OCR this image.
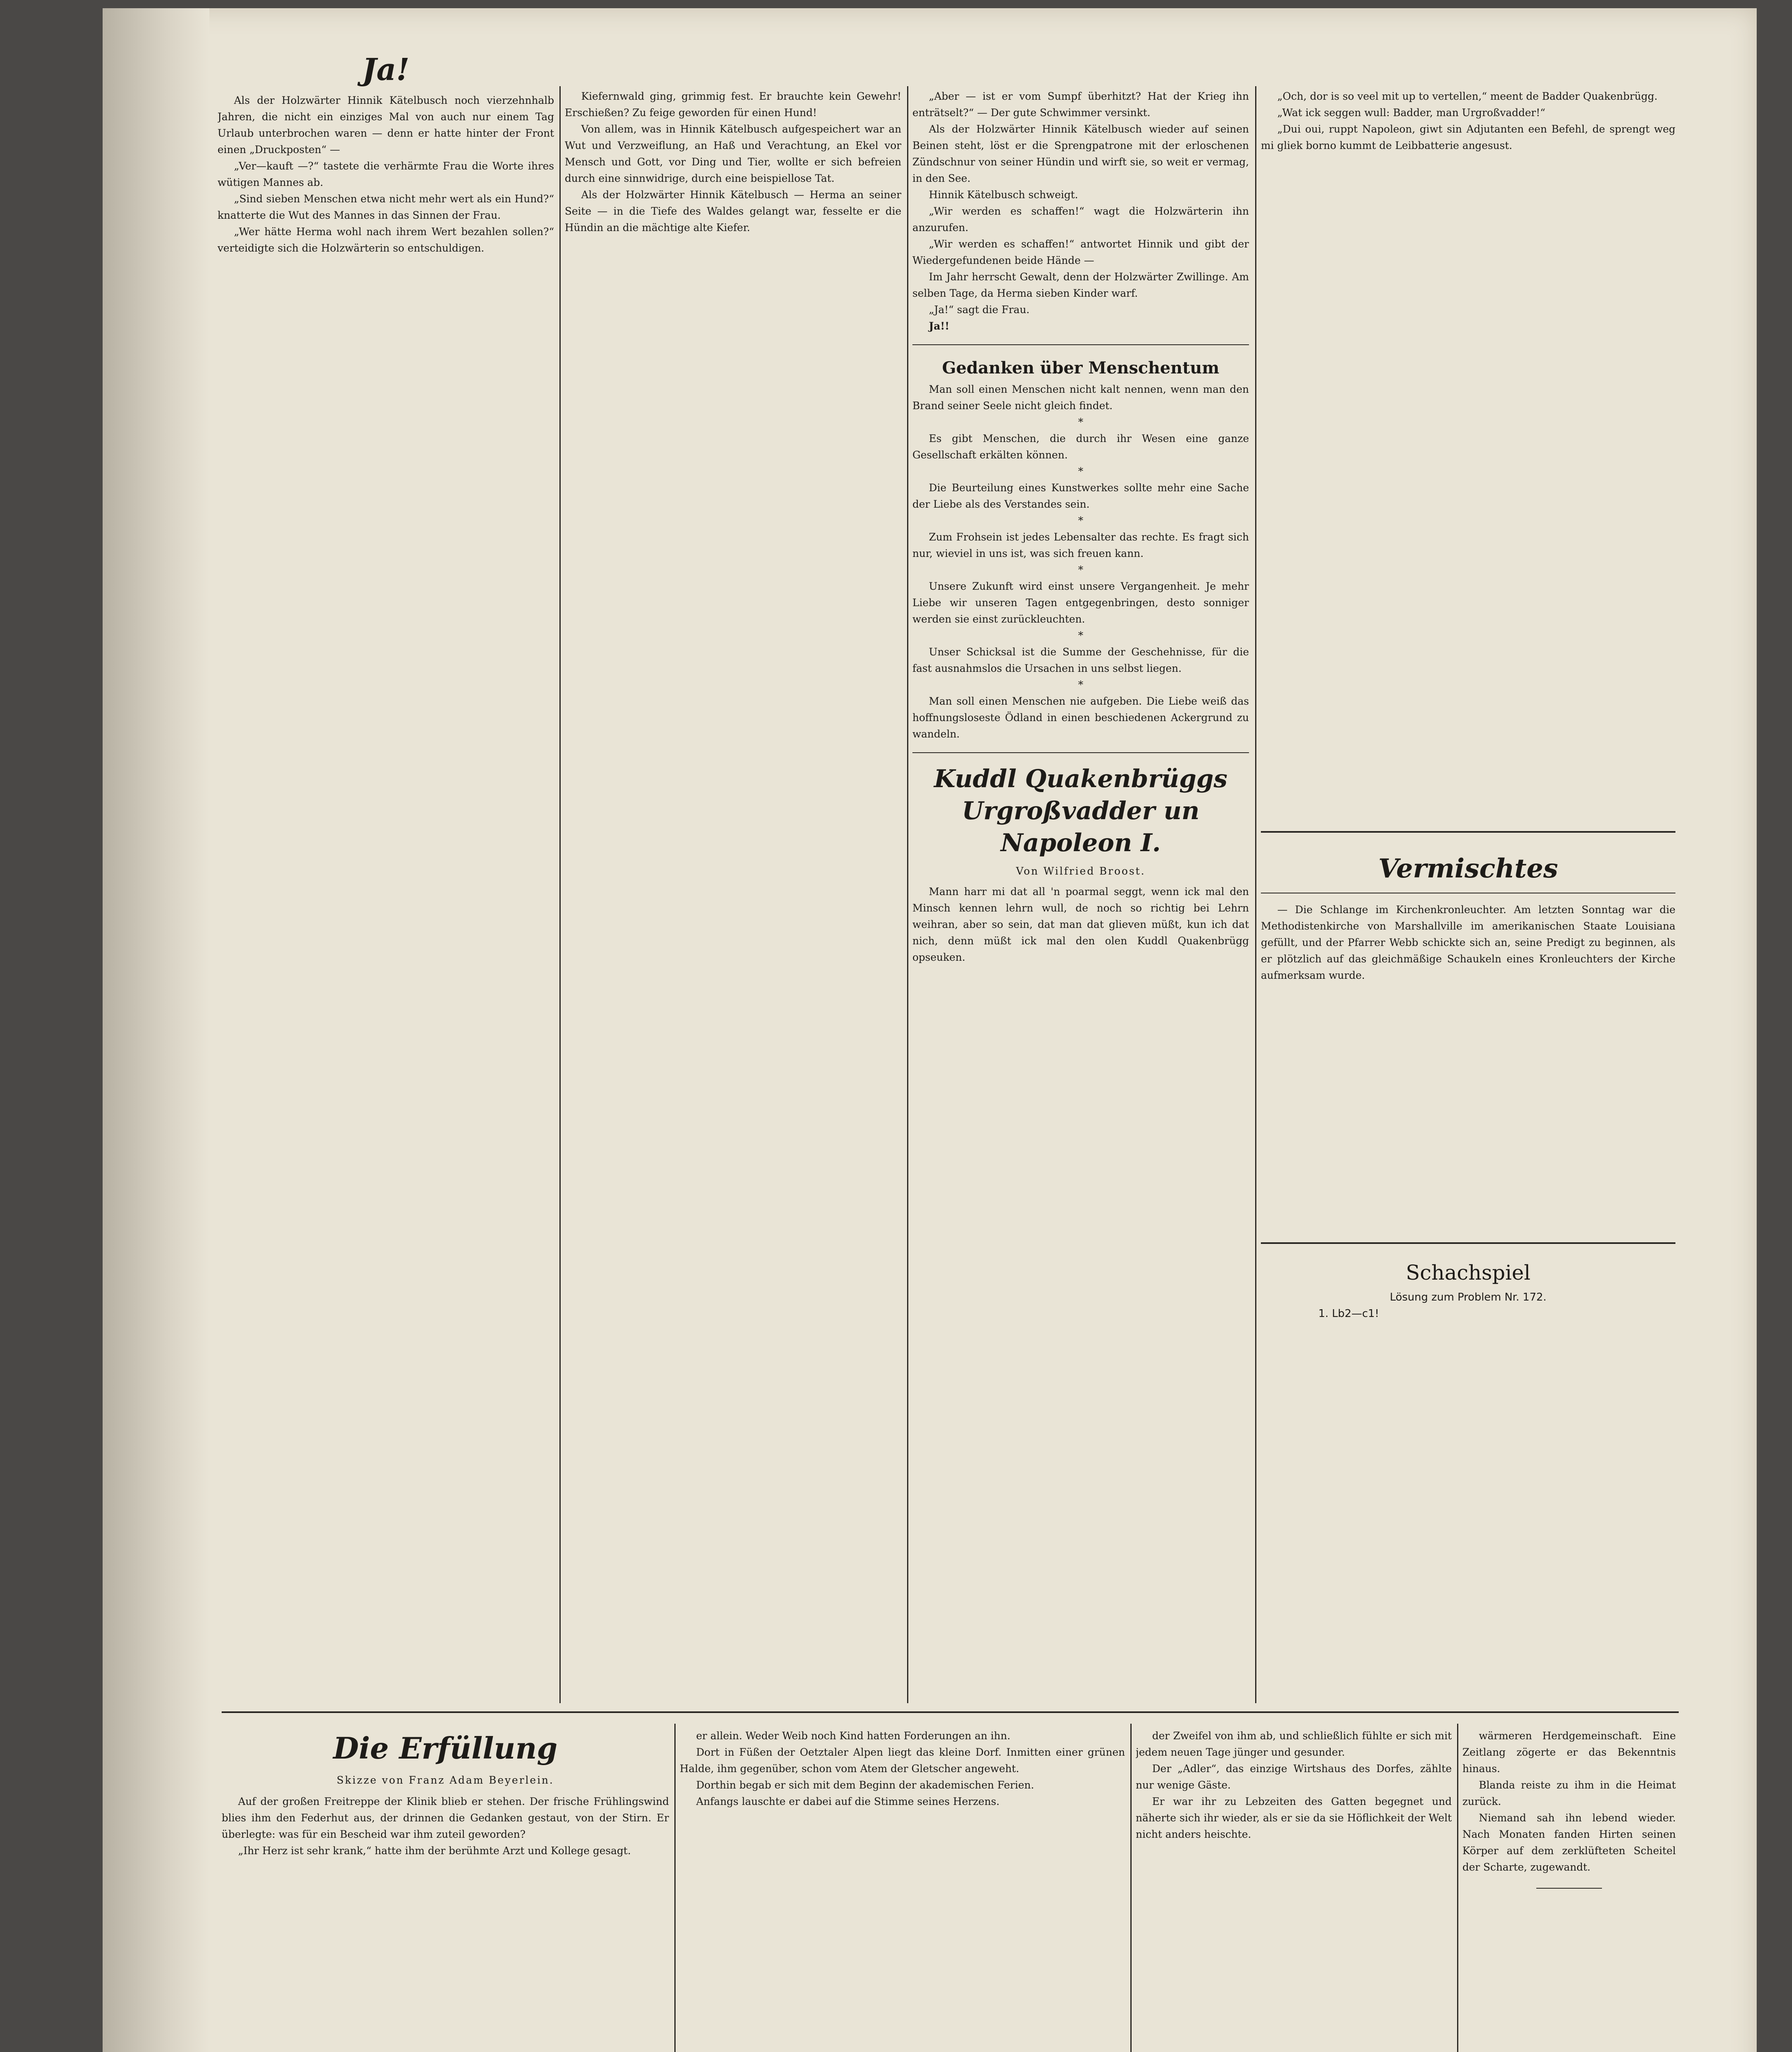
Ja!

Als der Holzwärter Hinnik Kätelbusch noch vierzehnhalb Jahren, die nicht ein einziges Mal von auch nur einem Tag Urlaub unterbrochen waren — denn er hatte hinter der Front einen „Druckposten“ —

„Ver—kauft —?“ tastete die verhärmte Frau die Worte ihres wütigen Mannes ab.

„Sind sieben Menschen etwa nicht mehr wert als ein Hund?“ knatterte die Wut des Mannes in das Sinnen der Frau.

„Wer hätte Herma wohl nach ihrem Wert bezahlen sollen?“ verteidigte sich die Holzwärterin so entschuldigen.

Kiefernwald ging, grimmig fest. Er brauchte kein Gewehr! Erschießen? Zu feige geworden für einen Hund!

Von allem, was in Hinnik Kätelbusch aufgespeichert war an Wut und Verzweiflung, an Haß und Verachtung, an Ekel vor Mensch und Gott, vor Ding und Tier, wollte er sich befreien durch eine sinnwidrige, durch eine beispiellose Tat.

Als der Holzwärter Hinnik Kätelbusch — Herma an seiner Seite — in die Tiefe des Waldes gelangt war, fesselte er die Hündin an die mächtige alte Kiefer.

„Aber — ist er vom Sumpf überhitzt? Hat der Krieg ihn enträtselt?“ — Der gute Schwimmer versinkt.

Als der Holzwärter Hinnik Kätelbusch wieder auf seinen Beinen steht, löst er die Sprengpatrone mit der erloschenen Zündschnur von seiner Hündin und wirft sie, so weit er vermag, in den See.

Hinnik Kätelbusch schweigt.

„Wir werden es schaffen!“ wagt die Holzwärterin ihn anzurufen.

„Wir werden es schaffen!“ antwortet Hinnik und gibt der Wiedergefundenen beide Hände —

Im Jahr herrscht Gewalt, denn der Holzwärter Zwillinge. Am selben Tage, da Herma sieben Kinder warf.

„Ja!“ sagt die Frau.

Ja!!
Gedanken über Menschentum

Man soll einen Menschen nicht kalt nennen, wenn man den Brand seiner Seele nicht gleich findet.

*

Es gibt Menschen, die durch ihr Wesen eine ganze Gesellschaft erkälten können.

*

Die Beurteilung eines Kunstwerkes sollte mehr eine Sache der Liebe als des Verstandes sein.

*

Zum Frohsein ist jedes Lebensalter das rechte. Es fragt sich nur, wieviel in uns ist, was sich freuen kann.

*

Unsere Zukunft wird einst unsere Vergangenheit. Je mehr Liebe wir unseren Tagen entgegenbringen, desto sonniger werden sie einst zurückleuchten.

*

Unser Schicksal ist die Summe der Geschehnisse, für die fast ausnahmslos die Ursachen in uns selbst liegen.

*

Man soll einen Menschen nie aufgeben. Die Liebe weiß das hoffnungsloseste Ödland in einen beschiedenen Ackergrund zu wandeln.

Kuddl Quakenbrüggs Urgroßvadder un Napoleon I.
Von Wilfried Broost.

Mann harr mi dat all 'n poarmal seggt, wenn ick mal den Minsch kennen lehrn wull, de noch so richtig bei Lehrn weihran, aber so sein, dat man dat glieven müßt, kun ich dat nich, denn müßt ick mal den olen Kuddl Quakenbrügg opseuken.

„Och, dor is so veel mit up to vertellen,“ meent de Badder Quakenbrügg.

„Wat ick seggen wull: Badder, man Urgroßvadder!“

„Dui oui, ruppt Napoleon, giwt sin Adjutanten een Befehl, de sprengt weg mi gliek borno kummt de Leibbatterie angesust.

Vermischtes

— Die Schlange im Kirchenkronleuchter. Am letzten Sonntag war die Methodistenkirche von Marshallville im amerikanischen Staate Louisiana gefüllt, und der Pfarrer Webb schickte sich an, seine Predigt zu beginnen, als er plötzlich auf das gleichmäßige Schaukeln eines Kronleuchters der Kirche aufmerksam wurde.

Schachspiel
Lösung zum Problem Nr. 172.
1. Lb2—c1!
Die Erfüllung
Skizze von Franz Adam Beyerlein.

Auf der großen Freitreppe der Klinik blieb er stehen. Der frische Frühlingswind blies ihm den Federhut aus, der drinnen die Gedanken gestaut, von der Stirn. Er überlegte: was für ein Bescheid war ihm zuteil geworden?

„Ihr Herz ist sehr krank,“ hatte ihm der berühmte Arzt und Kollege gesagt.

er allein. Weder Weib noch Kind hatten Forderungen an ihn.

Dort in Füßen der Oetztaler Alpen liegt das kleine Dorf. Inmitten einer grünen Halde, ihm gegenüber, schon vom Atem der Gletscher angeweht.

Dorthin begab er sich mit dem Beginn der akademischen Ferien.

Anfangs lauschte er dabei auf die Stimme seines Herzens.

der Zweifel von ihm ab, und schließlich fühlte er sich mit jedem neuen Tage jünger und gesunder.

Der „Adler“, das einzige Wirtshaus des Dorfes, zählte nur wenige Gäste.

Er war ihr zu Lebzeiten des Gatten begegnet und näherte sich ihr wieder, als er sie da sie Höflichkeit der Welt nicht anders heischte.

wärmeren Herdgemeinschaft. Eine Zeitlang zögerte er das Bekenntnis hinaus.

Blanda reiste zu ihm in die Heimat zurück.

Niemand sah ihn lebend wieder. Nach Monaten fanden Hirten seinen Körper auf dem zerklüfteten Scheitel der Scharte, zugewandt.
